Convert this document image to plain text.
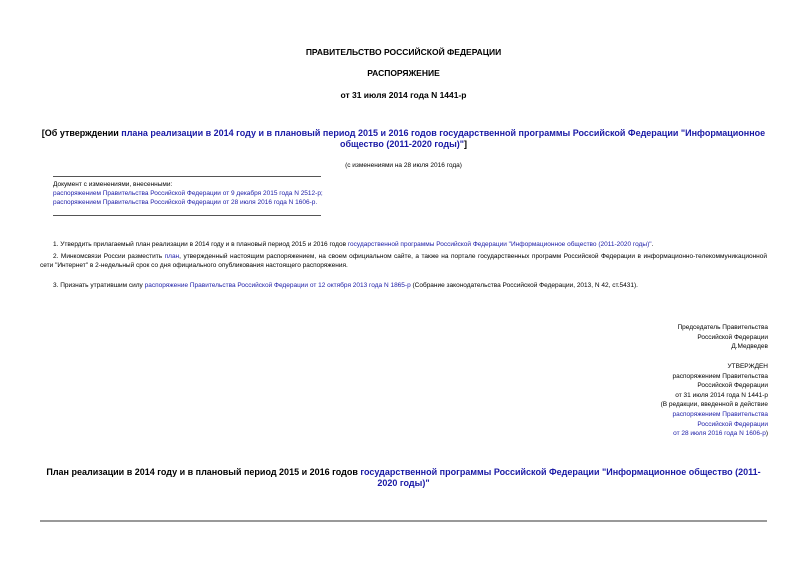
ПРАВИТЕЛЬСТВО РОССИЙСКОЙ ФЕДЕРАЦИИ
РАСПОРЯЖЕНИЕ
от 31 июля 2014 года N 1441-р
[Об утверждении плана реализации в 2014 году и в плановый период 2015 и 2016 годов государственной программы Российской Федерации "Информационное общество (2011-2020 годы)"]
(с изменениями на 28 июля 2016 года)
Документ с изменениями, внесенными:
распоряжением Правительства Российской Федерации от 9 декабря 2015 года N 2512-р;
распоряжением Правительства Российской Федерации от 28 июля 2016 года N 1606-р.
1. Утвердить прилагаемый план реализации в 2014 году и в плановый период 2015 и 2016 годов государственной программы Российской Федерации "Информационное общество (2011-2020 годы)".
2. Минкомсвязи России разместить план, утвержденный настоящим распоряжением, на своем официальном сайте, а также на портале государственных программ Российской Федерации в информационно-телекоммуникационной сети "Интернет" в 2-недельный срок со дня официального опубликования настоящего распоряжения.
3. Признать утратившим силу распоряжение Правительства Российской Федерации от 12 октября 2013 года N 1865-р (Собрание законодательства Российской Федерации, 2013, N 42, ст.5431).
Председатель Правительства
Российской Федерации
Д.Медведев
УТВЕРЖДЕН
распоряжением Правительства
Российской Федерации
от 31 июля 2014 года N 1441-р
(В редакции, введенной в действие
распоряжением Правительства
Российской Федерации
от 28 июля 2016 года N 1606-р)
План реализации в 2014 году и в плановый период 2015 и 2016 годов государственной программы Российской Федерации "Информационное общество (2011-2020 годы)"
